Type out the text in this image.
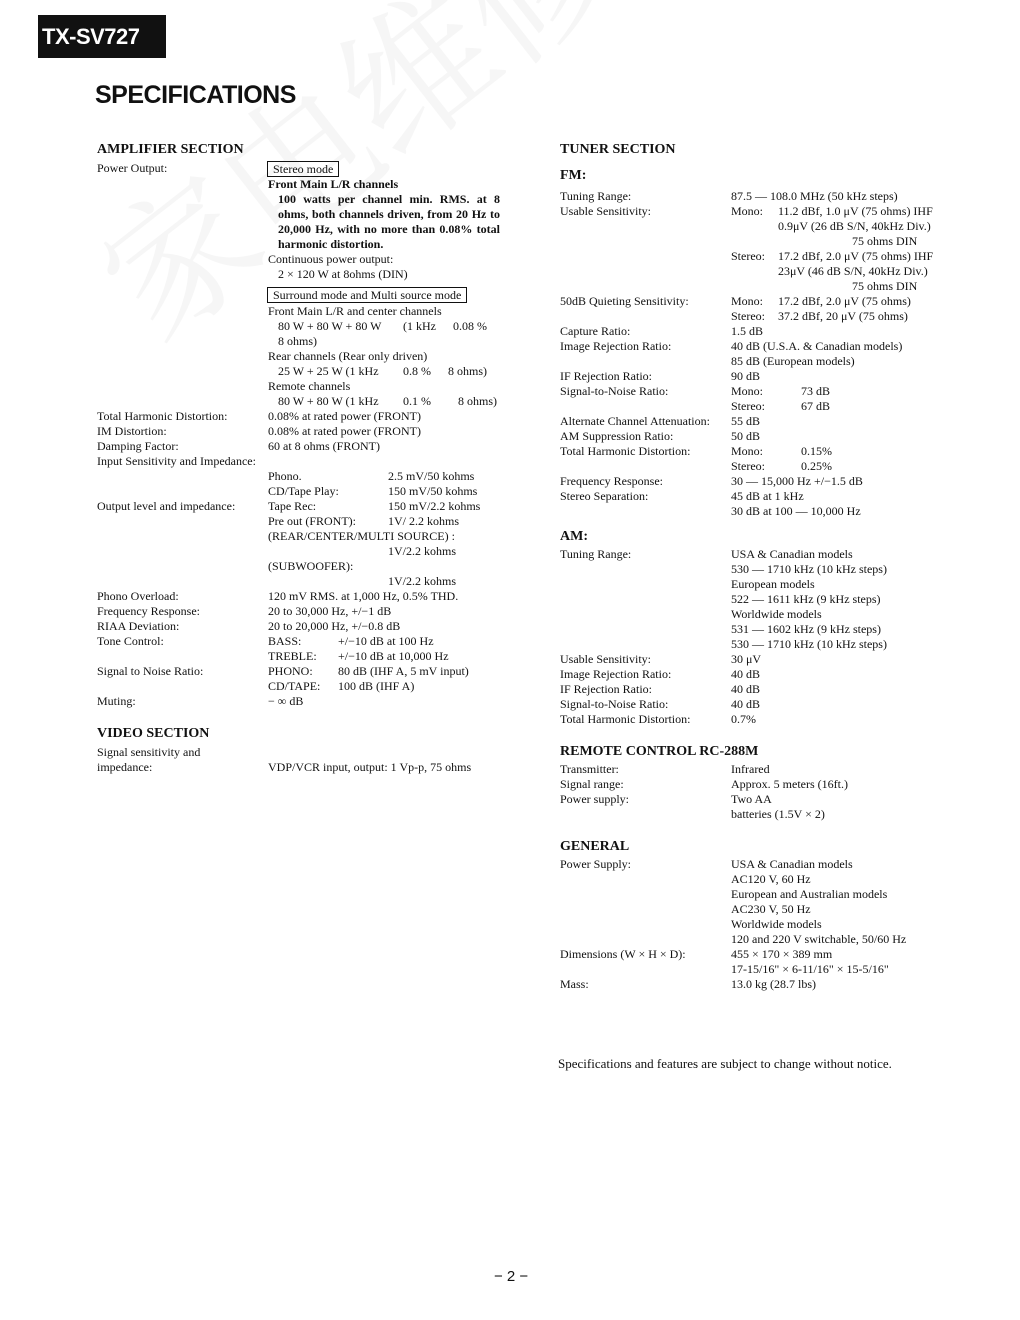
TX-SV727
SPECIFICATIONS
AMPLIFIER SECTION
Power Output:	Stereo mode
Front Main L/R channels
100 watts per channel min. RMS. at 8 ohms, both channels driven, from 20 Hz to 20,000 Hz, with no more than 0.08% total harmonic distortion.
Continuous power output:
2 × 120 W at 8ohms (DIN)
Surround mode and Multi source mode
Front Main L/R and center channels
80 W + 80 W + 80 W (1 kHz 0.08 %
8 ohms)
Rear channels (Rear only driven)
25 W + 25 W (1 kHz 0.8 % 8 ohms)
Remote channels
80 W + 80 W (1 kHz 0.1 % 8 ohms)
Total Harmonic Distortion:	0.08% at rated power (FRONT)
IM Distortion:	0.08% at rated power (FRONT)
Damping Factor:	60 at 8 ohms (FRONT)
Input Sensitivity and Impedance:
Phono.	2.5 mV/50 kohms
CD/Tape Play:	150 mV/50 kohms
Output level and impedance:	Tape Rec:	150 mV/2.2 kohms
Pre out (FRONT):	1V/ 2.2 kohms
(REAR/CENTER/MULTI SOURCE) :
1V/2.2 kohms
(SUBWOOFER):
1V/2.2 kohms
Phono Overload:	120 mV RMS. at 1,000 Hz, 0.5% THD.
Frequency Response:	20 to 30,000 Hz, +/−1 dB
RIAA Deviation:	20 to 20,000 Hz, +/−0.8 dB
Tone Control:	BASS:	+/−10 dB at 100 Hz
TREBLE: +/−10 dB at 10,000 Hz
Signal to Noise Ratio:	PHONO: 80 dB (IHF A, 5 mV input)
CD/TAPE: 100 dB (IHF A)
Muting:	− ∞ dB
VIDEO SECTION
Signal sensitivity and
impedance:	VDP/VCR input, output: 1 Vp-p, 75 ohms
TUNER SECTION
FM:
Tuning Range:	87.5 — 108.0 MHz (50 kHz steps)
Usable Sensitivity:	Mono: 11.2 dBf, 1.0 μV (75 ohms) IHF
0.9μV (26 dB S/N, 40kHz Div.)
75 ohms DIN
Stereo: 17.2 dBf, 2.0 μV (75 ohms) IHF
23μV (46 dB S/N, 40kHz Div.)
75 ohms DIN
50dB Quieting Sensitivity:	Mono: 17.2 dBf, 2.0 μV (75 ohms)
Stereo: 37.2 dBf, 20 μV (75 ohms)
Capture Ratio:	1.5 dB
Image Rejection Ratio:	40 dB (U.S.A. & Canadian models)
85 dB (European models)
IF Rejection Ratio:	90 dB
Signal-to-Noise Ratio:	Mono:	73 dB
Stereo:	67 dB
Alternate Channel Attenuation: 55 dB
AM Suppression Ratio:	50 dB
Total Harmonic Distortion:	Mono:	0.15%
Stereo:	0.25%
Frequency Response:	30 — 15,000 Hz +/−1.5 dB
Stereo Separation:	45 dB at 1 kHz
30 dB at 100 — 10,000 Hz
AM:
Tuning Range:	USA & Canadian models
530 — 1710 kHz (10 kHz steps)
European models
522 — 1611 kHz (9 kHz steps)
Worldwide models
531 — 1602 kHz (9 kHz steps)
530 — 1710 kHz (10 kHz steps)
Usable Sensitivity:	30 μV
Image Rejection Ratio:	40 dB
IF Rejection Ratio:	40 dB
Signal-to-Noise Ratio:	40 dB
Total Harmonic Distortion:	0.7%
REMOTE CONTROL RC-288M
Transmitter:	Infrared
Signal range:	Approx. 5 meters (16ft.)
Power supply:	Two AA
batteries (1.5V × 2)
GENERAL
Power Supply:	USA & Canadian models
AC120 V, 60 Hz
European and Australian models
AC230 V, 50 Hz
Worldwide models
120 and 220 V switchable, 50/60 Hz
Dimensions (W × H × D):	455 × 170 × 389 mm
17-15/16" × 6-11/16" × 15-5/16"
Mass:	13.0 kg (28.7 lbs)
Specifications and features are subject to change without notice.
− 2 −
